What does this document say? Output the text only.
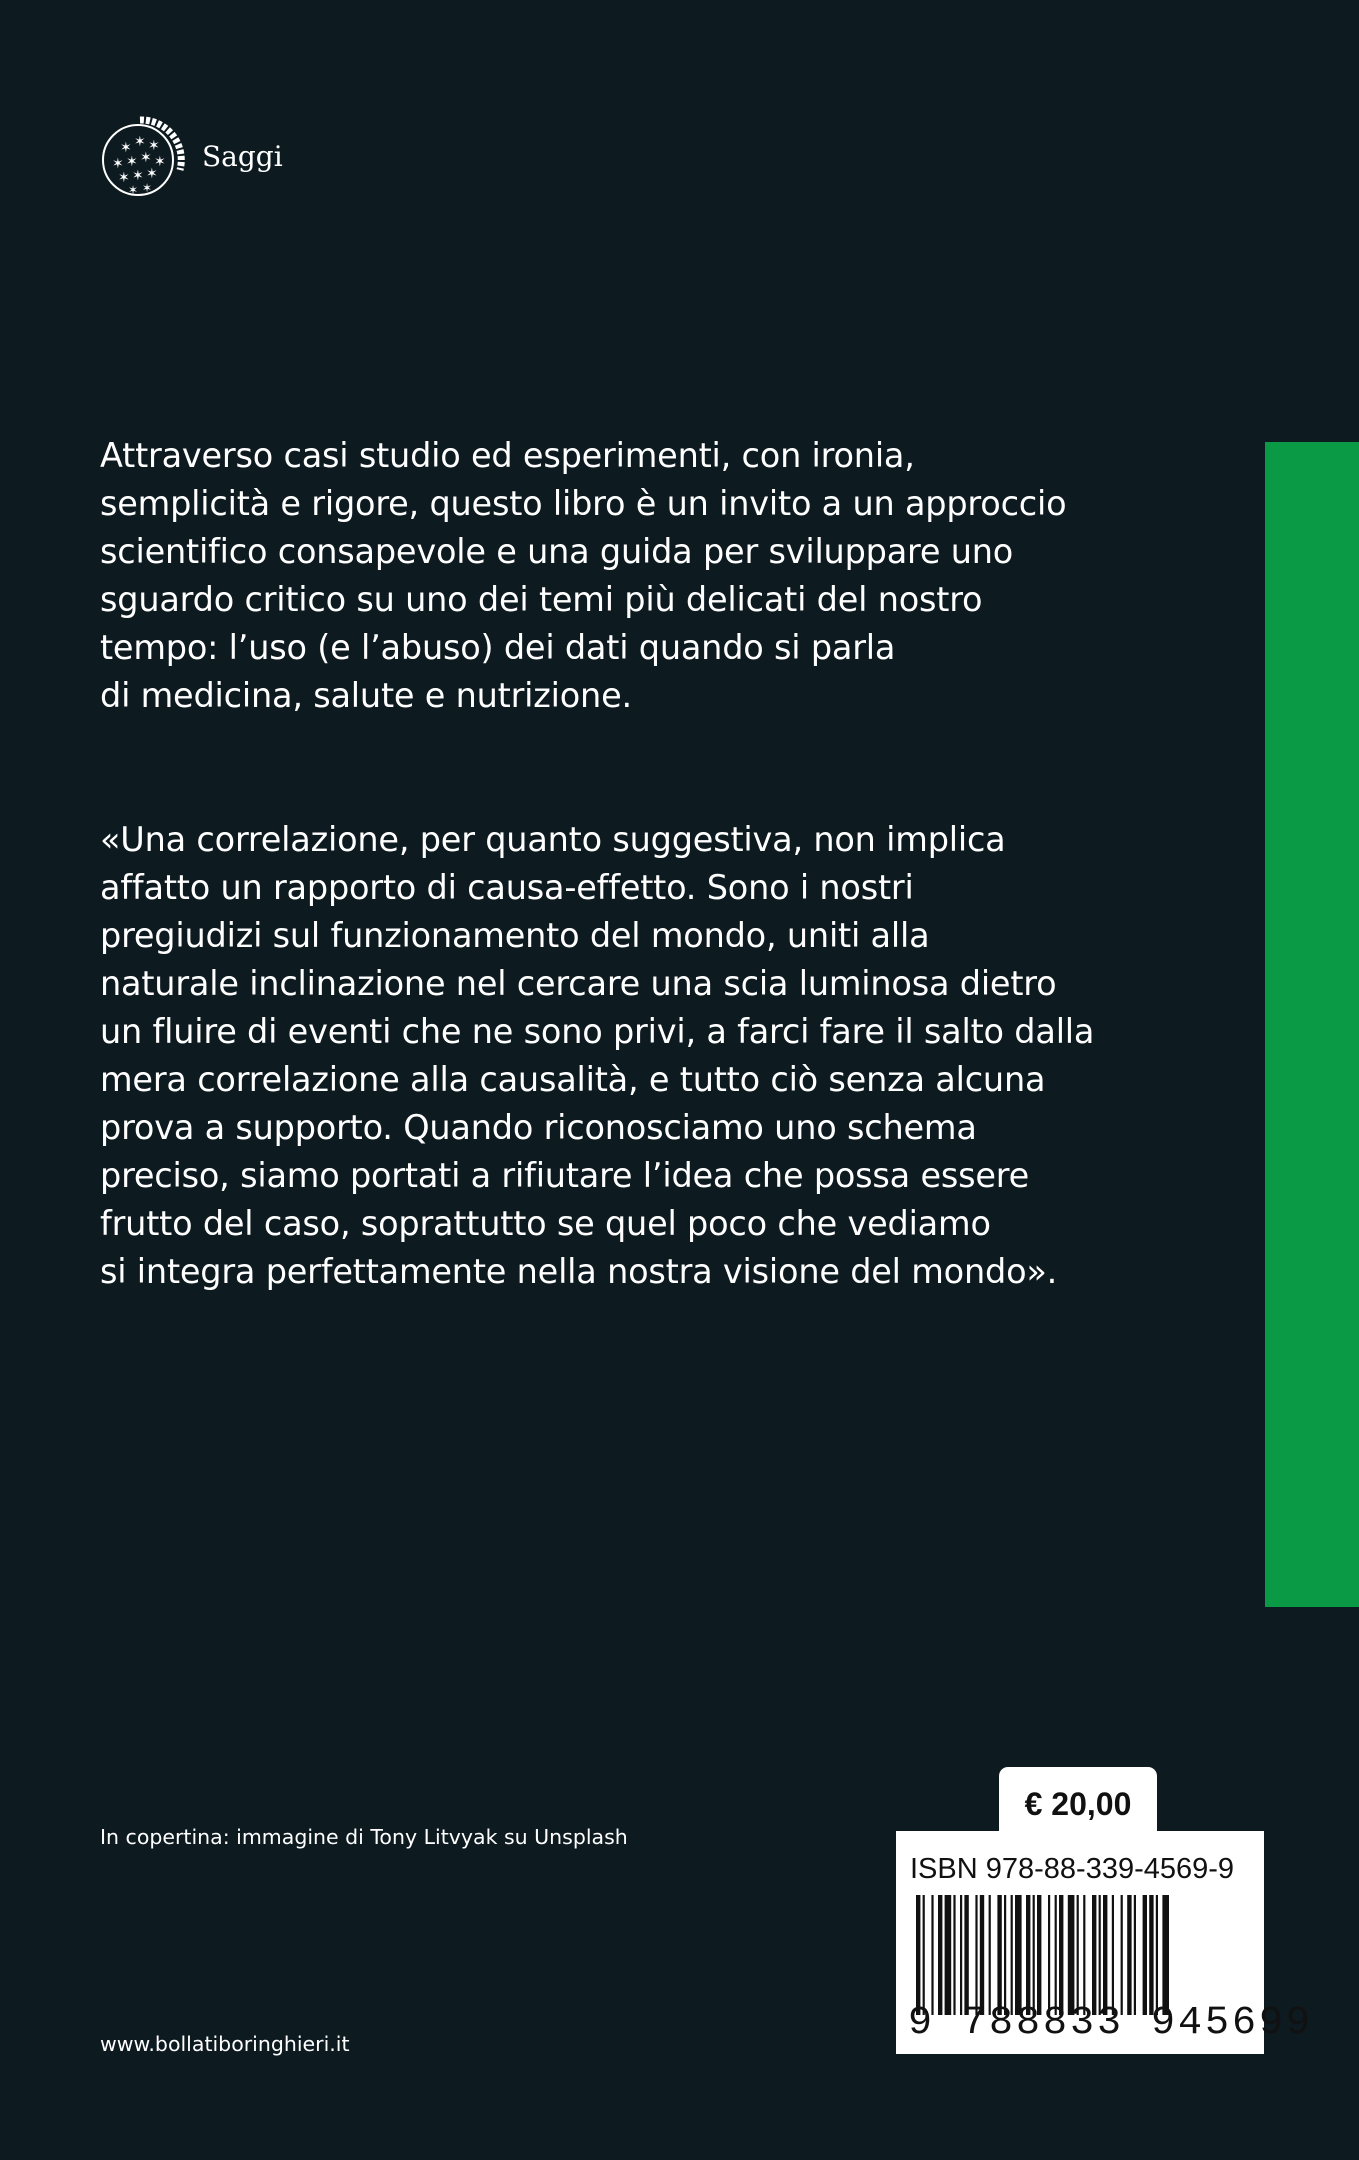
✶ ✶ ✶
✶ ✶ ✶ ✶
✶ ✶ ✶
✶ ✶
Saggi

Attraverso casi studio ed esperimenti, con ironia,
semplicità e rigore, questo libro è un invito a un approccio
scientifico consapevole e una guida per sviluppare uno
sguardo critico su uno dei temi più delicati del nostro
tempo: l’uso (e l’abuso) dei dati quando si parla
di medicina, salute e nutrizione.

«Una correlazione, per quanto suggestiva, non implica
affatto un rapporto di causa-effetto. Sono i nostri
pregiudizi sul funzionamento del mondo, uniti alla
naturale inclinazione nel cercare una scia luminosa dietro
un fluire di eventi che ne sono privi, a farci fare il salto dalla
mera correlazione alla causalità, e tutto ciò senza alcuna
prova a supporto. Quando riconosciamo uno schema
preciso, siamo portati a rifiutare l’idea che possa essere
frutto del caso, soprattutto se quel poco che vediamo
si integra perfettamente nella nostra visione del mondo».

In copertina: immagine di Tony Litvyak su Unsplash
www.bollatiboringhieri.it
€ 20,00
ISBN 978-88-339-4569-9
9 788833 945699
